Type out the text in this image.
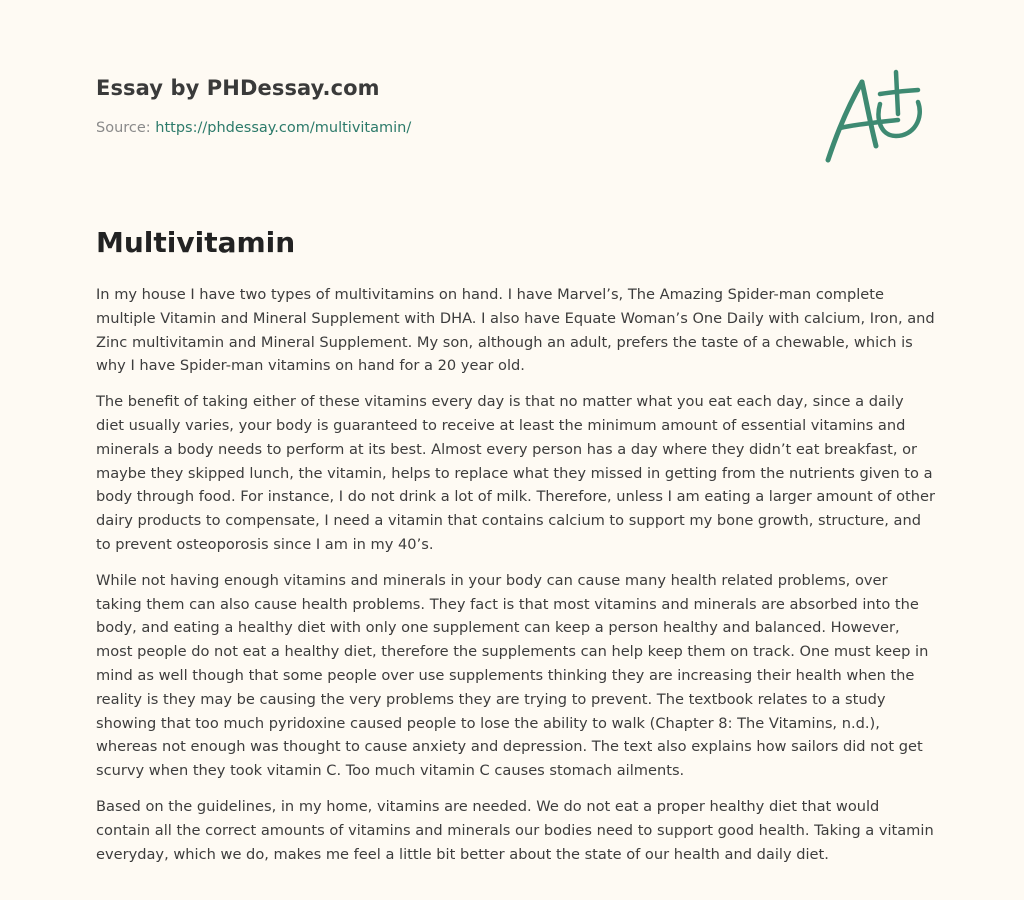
Essay by PHDessay.com
Source: https://phdessay.com/multivitamin/
Multivitamin

In my house I have two types of multivitamins on hand. I have Marvel’s, The Amazing Spider-man complete multiple Vitamin and Mineral Supplement with DHA. I also have Equate Woman’s One Daily with calcium, Iron, and Zinc multivitamin and Mineral Supplement. My son, although an adult, prefers the taste of a chewable, which is why I have Spider-man vitamins on hand for a 20 year old.

The benefit of taking either of these vitamins every day is that no matter what you eat each day, since a daily diet usually varies, your body is guaranteed to receive at least the minimum amount of essential vitamins and minerals a body needs to perform at its best. Almost every person has a day where they didn’t eat breakfast, or maybe they skipped lunch, the vitamin, helps to replace what they missed in getting from the nutrients given to a body through food. For instance, I do not drink a lot of milk. Therefore, unless I am eating a larger amount of other dairy products to compensate, I need a vitamin that contains calcium to support my bone growth, structure, and to prevent osteoporosis since I am in my 40’s.

While not having enough vitamins and minerals in your body can cause many health related problems, over taking them can also cause health problems. They fact is that most vitamins and minerals are absorbed into the body, and eating a healthy diet with only one supplement can keep a person healthy and balanced. However, most people do not eat a healthy diet, therefore the supplements can help keep them on track. One must keep in mind as well though that some people over use supplements thinking they are increasing their health when the reality is they may be causing the very problems they are trying to prevent. The textbook relates to a study showing that too much pyridoxine caused people to lose the ability to walk (Chapter 8: The Vitamins, n.d.), whereas not enough was thought to cause anxiety and depression. The text also explains how sailors did not get scurvy when they took vitamin C. Too much vitamin C causes stomach ailments.

Based on the guidelines, in my home, vitamins are needed. We do not eat a proper healthy diet that would contain all the correct amounts of vitamins and minerals our bodies need to support good health. Taking a vitamin everyday, which we do, makes me feel a little bit better about the state of our health and daily diet.
